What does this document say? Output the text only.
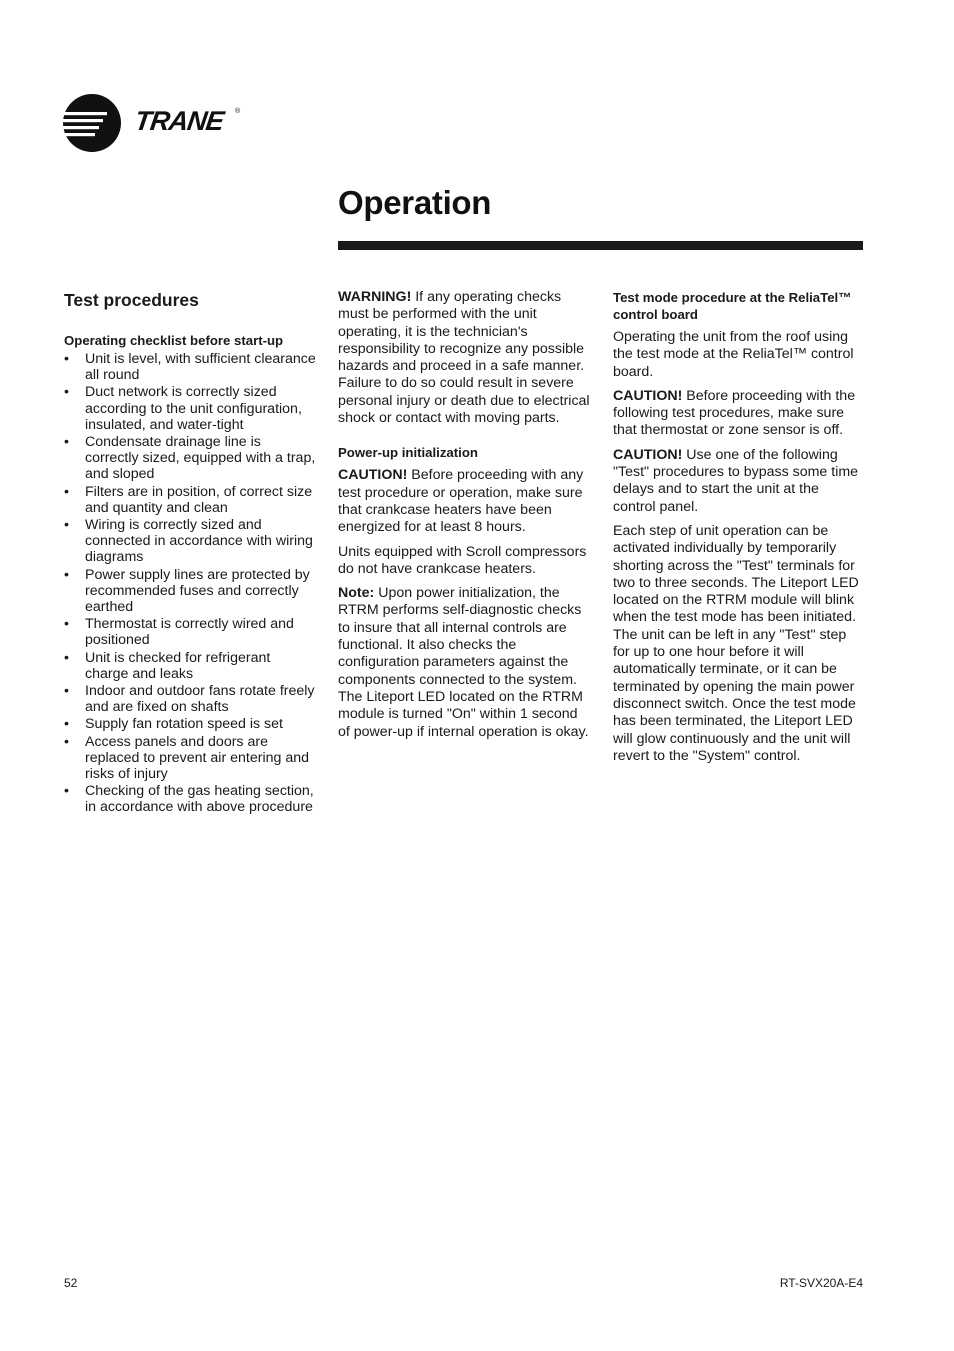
TRANE ®
Operation
Test procedures
Operating checklist before start-up
• Unit is level, with sufficient clearance all round
• Duct network is correctly sized according to the unit configuration, insulated, and water-tight
• Condensate drainage line is correctly sized, equipped with a trap, and sloped
• Filters are in position, of correct size and quantity and clean
• Wiring is correctly sized and connected in accordance with wiring diagrams
• Power supply lines are protected by recommended fuses and correctly earthed
• Thermostat is correctly wired and positioned
• Unit is checked for refrigerant charge and leaks
• Indoor and outdoor fans rotate freely and are fixed on shafts
• Supply fan rotation speed is set
• Access panels and doors are replaced to prevent air entering and risks of injury
• Checking of the gas heating section, in accordance with above procedure

WARNING! If any operating checks must be performed with the unit operating, it is the technician's responsibility to recognize any possible hazards and proceed in a safe manner. Failure to do so could result in severe personal injury or death due to electrical shock or contact with moving parts.

Power-up initialization

CAUTION! Before proceeding with any test procedure or operation, make sure that crankcase heaters have been energized for at least 8 hours.

Units equipped with Scroll compressors do not have crankcase heaters.

Note: Upon power initialization, the RTRM performs self-diagnostic checks to insure that all internal controls are functional. It also checks the configuration parameters against the components connected to the system. The Liteport LED located on the RTRM module is turned "On" within 1 second of power-up if internal operation is okay.

Test mode procedure at the ReliaTel™ control board

Operating the unit from the roof using the test mode at the ReliaTel™ control board.

CAUTION! Before proceeding with the following test procedures, make sure that thermostat or zone sensor is off.

CAUTION! Use one of the following "Test" procedures to bypass some time delays and to start the unit at the control panel.

Each step of unit operation can be activated individually by temporarily shorting across the "Test" terminals for two to three seconds. The Liteport LED located on the RTRM module will blink when the test mode has been initiated. The unit can be left in any "Test" step for up to one hour before it will automatically terminate, or it can be terminated by opening the main power disconnect switch. Once the test mode has been terminated, the Liteport LED will glow continuously and the unit will revert to the "System" control.

52	RT-SVX20A-E4
